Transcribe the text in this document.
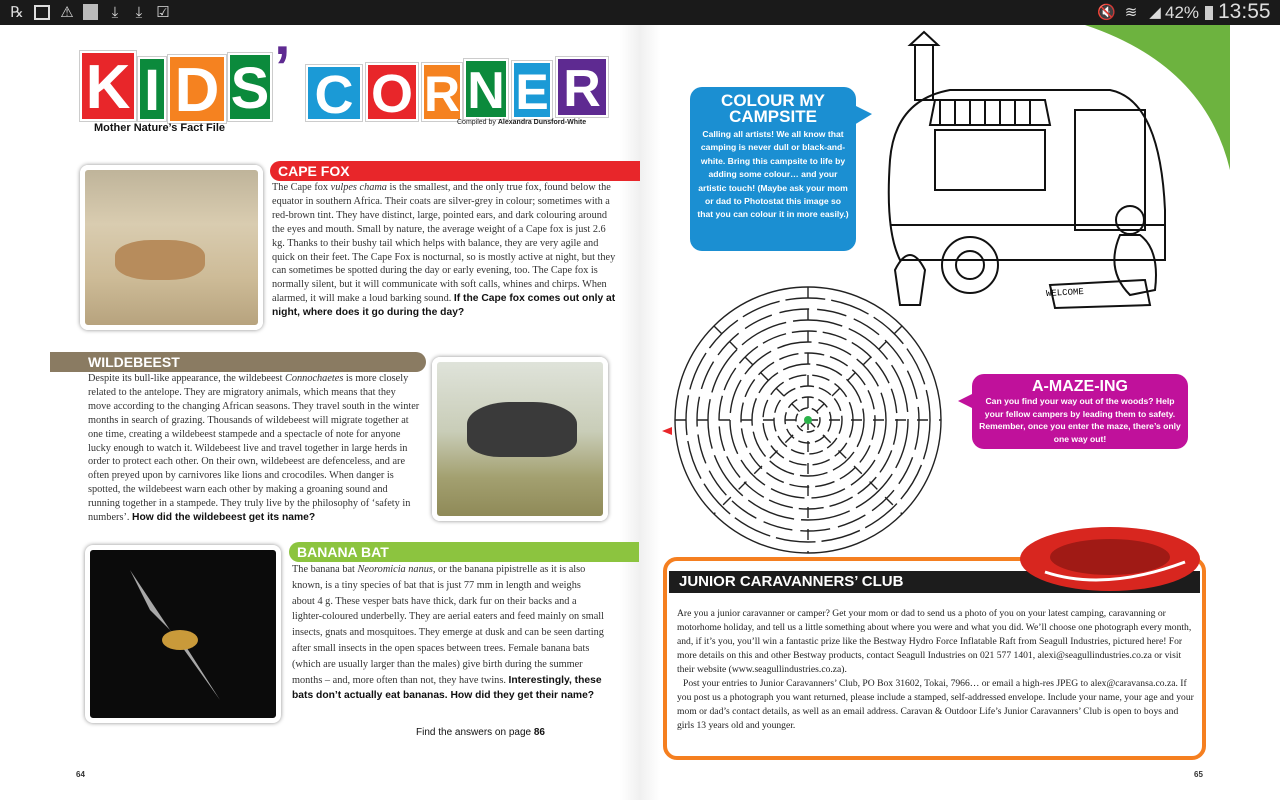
℞ ⚠	⤓	⤓ ☑	🔇 ≋ ◢ 42% 13:55
K I D S ’ C O R N E R
Mother Nature’s Fact File	Compiled by Alexandra Dunsford-White
CAPE FOX
The Cape fox vulpes chama is the smallest, and the only true fox, found below the equator in southern Africa. Their coats are silver-grey in colour; sometimes with a red-brown tint. They have distinct, large, pointed ears, and dark colouring around the eyes and mouth. Small by nature, the average weight of a Cape fox is just 2.6 kg. Thanks to their bushy tail which helps with balance, they are very agile and quick on their feet. The Cape Fox is nocturnal, so is mostly active at night, but they can sometimes be spotted during the day or early evening, too. The Cape fox is normally silent, but it will communicate with soft calls, whines and chirps. When alarmed, it will make a loud barking sound. If the Cape fox comes out only at night, where does it go during the day?
WILDEBEEST
Despite its bull-like appearance, the wildebeest Connochaetes is more closely related to the antelope. They are migratory animals, which means that they move according to the changing African seasons. They travel south in the winter months in search of grazing. Thousands of wildebeest will migrate together at one time, creating a wildebeest stampede and a spectacle of note for anyone lucky enough to watch it. Wildebeest live and travel together in large herds in order to protect each other. On their own, wildebeest are defenceless, and are often preyed upon by carnivores like lions and crocodiles. When danger is spotted, the wildebeest warn each other by making a groaning sound and running together in a stampede. They truly live by the philosophy of ‘safety in numbers’. How did the wildebeest get its name?
BANANA BAT
The banana bat Neoromicia nanus, or the banana pipistrelle as it is also known, is a tiny species of bat that is just 77 mm in length and weighs about 4 g. These vesper bats have thick, dark fur on their backs and a lighter-coloured underbelly. They are aerial eaters and feed mainly on small insects, gnats and mosquitoes. They emerge at dusk and can be seen darting after small insects in the open spaces between trees. Female banana bats (which are usually larger than the males) give birth during the summer months – and, more often than not, they have twins. Interestingly, these bats don’t actually eat bananas. How did they get their name?
Find the answers on page 86
64	65
COLOUR MY CAMPSITE
Calling all artists! We all know that camping is never dull or black-and-white. Bring this campsite to life by adding some colour… and your artistic touch! (Maybe ask your mom or dad to Photostat this image so that you can colour it in more easily.)
WELCOME
A-MAZE-ING
Can you find your way out of the woods? Help your fellow campers by leading them to safety. Remember, once you enter the maze, there’s only one way out!
JUNIOR CARAVANNERS’ CLUB

Are you a junior caravanner or camper? Get your mom or dad to send us a photo of you on your latest camping, caravanning or motorhome holiday, and tell us a little something about where you were and what you did. We’ll choose one photograph every month, and, if it’s you, you’ll win a fantastic prize like the Bestway Hydro Force Inflatable Raft from Seagull Industries, pictured here! For more details on this and other Bestway products, contact Seagull Industries on 021 577 1401, alexi@seagullindustries.co.za or visit their website (www.seagullindustries.co.za).

Post your entries to Junior Caravanners’ Club, PO Box 31602, Tokai, 7966… or email a high-res JPEG to alex@caravansa.co.za. If you post us a photograph you want returned, please include a stamped, self-addressed envelope. Include your name, your age and your mom or dad’s contact details, as well as an email address. Caravan & Outdoor Life’s Junior Caravanners’ Club is open to boys and girls 13 years old and younger.
